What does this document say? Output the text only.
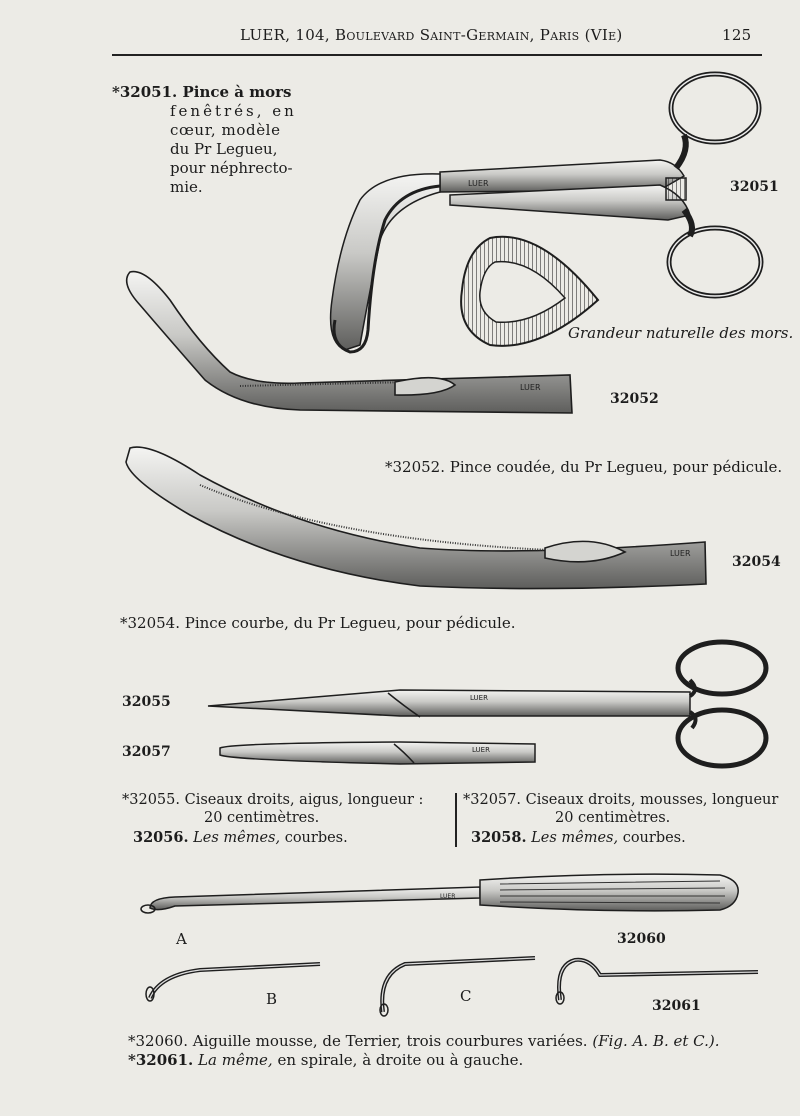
LUER, 104, Boulevard Saint-Germain, Paris (VIe)	125
*32051. Pince à mors
fenêtrés, en
cœur, modèle
du Pr Legueu,
pour néphrecto-
mie.	32051
Grandeur naturelle des mors.
32052
*32052. Pince coudée, du Pr Legueu, pour pédicule.
32054
*32054. Pince courbe, du Pr Legueu, pour pédicule.
32055
32057
*32055. Ciseaux droits, aigus, longueur :
20 centimètres.
32056. Les mêmes, courbes.
*32057. Ciseaux droits, mousses, longueur
20 centimètres.
32058. Les mêmes, courbes.
A
B	C
32060
32061
*32060. Aiguille mousse, de Terrier, trois courbures variées. (Fig. A. B. et C.).
*32061. La même, en spirale, à droite ou à gauche.
LUER
LUER
LUER
LUER
LUER
LUER
